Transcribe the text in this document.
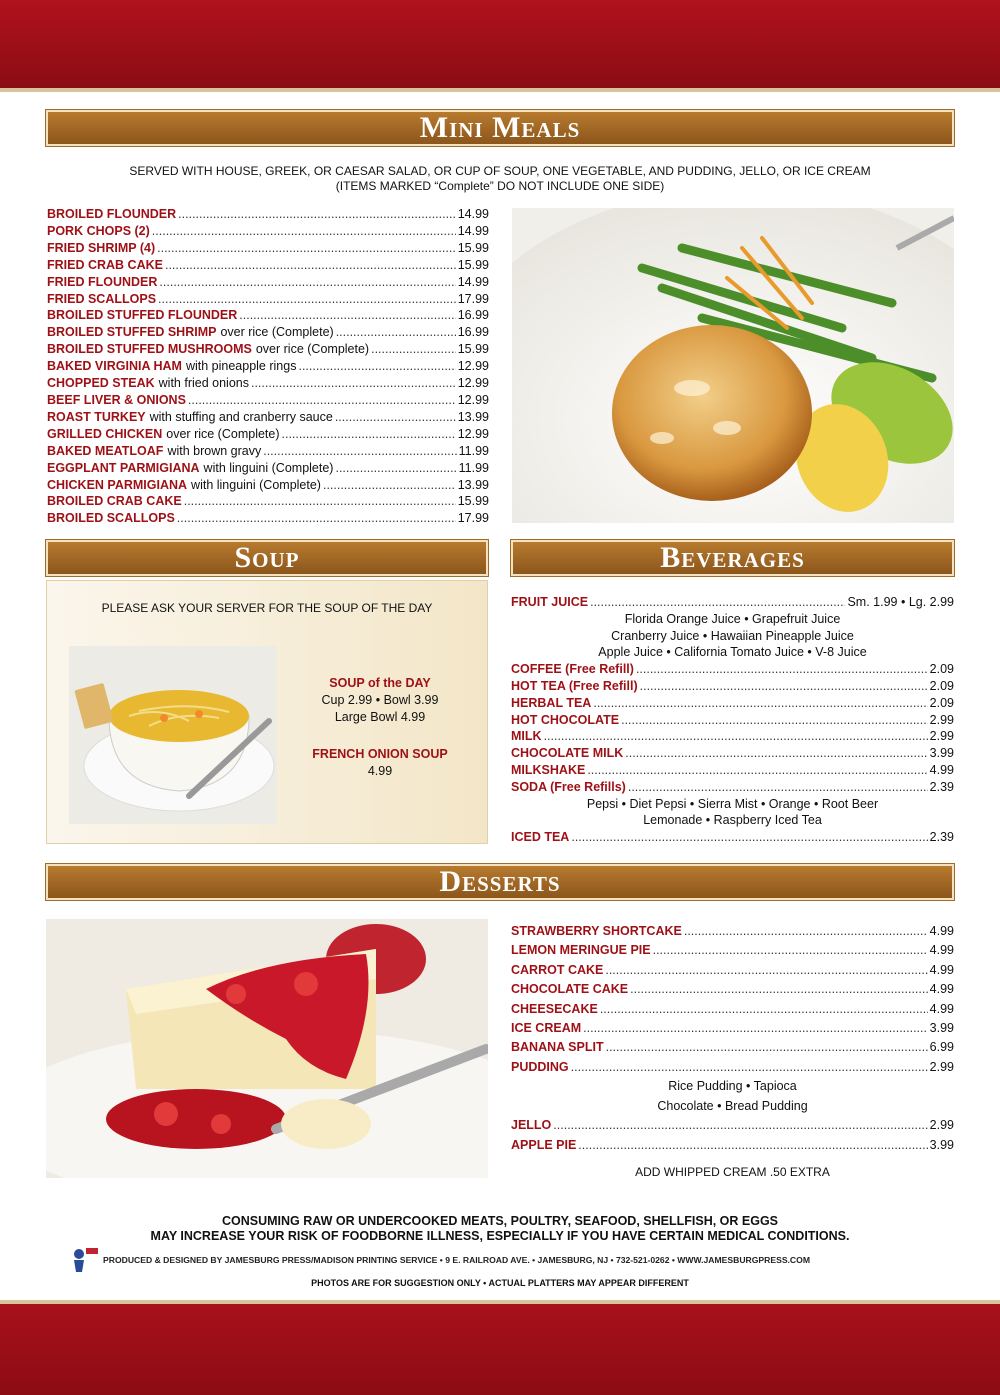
Mini Meals
SERVED WITH HOUSE, GREEK, OR CAESAR SALAD, OR CUP OF SOUP, ONE VEGETABLE, AND PUDDING, JELLO, OR ICE CREAM
(ITEMS MARKED “Complete” DO NOT INCLUDE ONE SIDE)
BROILED FLOUNDER .....	14.99
PORK CHOPS (2) .....	14.99
FRIED SHRIMP (4) .....	15.99
FRIED CRAB CAKE .....	15.99
FRIED FLOUNDER .....	14.99
FRIED SCALLOPS .....	17.99
BROILED STUFFED FLOUNDER .....	16.99
BROILED STUFFED SHRIMP over rice (Complete) .....	16.99
BROILED STUFFED MUSHROOMS over rice (Complete) .....	15.99
BAKED VIRGINIA HAM with pineapple rings .....	12.99
CHOPPED STEAK with fried onions .....	12.99
BEEF LIVER & ONIONS .....	12.99
ROAST TURKEY with stuffing and cranberry sauce .....	13.99
GRILLED CHICKEN over rice (Complete) .....	12.99
BAKED MEATLOAF with brown gravy .....	11.99
EGGPLANT PARMIGIANA with linguini (Complete) .....	11.99
CHICKEN PARMIGIANA with linguini (Complete) .....	13.99
BROILED CRAB CAKE .....	15.99
BROILED SCALLOPS .....	17.99
Soup
PLEASE ASK YOUR SERVER FOR THE SOUP OF THE DAY
SOUP of the DAY
Cup 2.99 • Bowl 3.99
Large Bowl 4.99
FRENCH ONION SOUP
4.99
Beverages
FRUIT JUICE .....	Sm. 1.99 • Lg. 2.99
Florida Orange Juice • Grapefruit Juice
Cranberry Juice • Hawaiian Pineapple Juice
Apple Juice • California Tomato Juice • V-8 Juice
COFFEE (Free Refill) .....	2.09
HOT TEA (Free Refill) .....	2.09
HERBAL TEA .....	2.09
HOT CHOCOLATE .....	2.99
MILK .....	2.99
CHOCOLATE MILK .....	3.99
MILKSHAKE .....	4.99
SODA (Free Refills) .....	2.39
Pepsi • Diet Pepsi • Sierra Mist • Orange • Root Beer
Lemonade • Raspberry Iced Tea
ICED TEA .....	2.39
Desserts
STRAWBERRY SHORTCAKE .....	4.99
LEMON MERINGUE PIE .....	4.99
CARROT CAKE .....	4.99
CHOCOLATE CAKE .....	4.99
CHEESECAKE .....	4.99
ICE CREAM .....	3.99
BANANA SPLIT .....	6.99
PUDDING .....	2.99
Rice Pudding • Tapioca
Chocolate • Bread Pudding
JELLO .....	2.99
APPLE PIE .....	3.99
ADD WHIPPED CREAM .50 EXTRA
CONSUMING RAW OR UNDERCOOKED MEATS, POULTRY, SEAFOOD, SHELLFISH, OR EGGS
MAY INCREASE YOUR RISK OF FOODBORNE ILLNESS, ESPECIALLY IF YOU HAVE CERTAIN MEDICAL CONDITIONS.
PRODUCED & DESIGNED BY JAMESBURG PRESS/MADISON PRINTING SERVICE • 9 E. RAILROAD AVE. • JAMESBURG, NJ • 732-521-0262 • WWW.JAMESBURGPRESS.COM
PHOTOS ARE FOR SUGGESTION ONLY • ACTUAL PLATTERS MAY APPEAR DIFFERENT
